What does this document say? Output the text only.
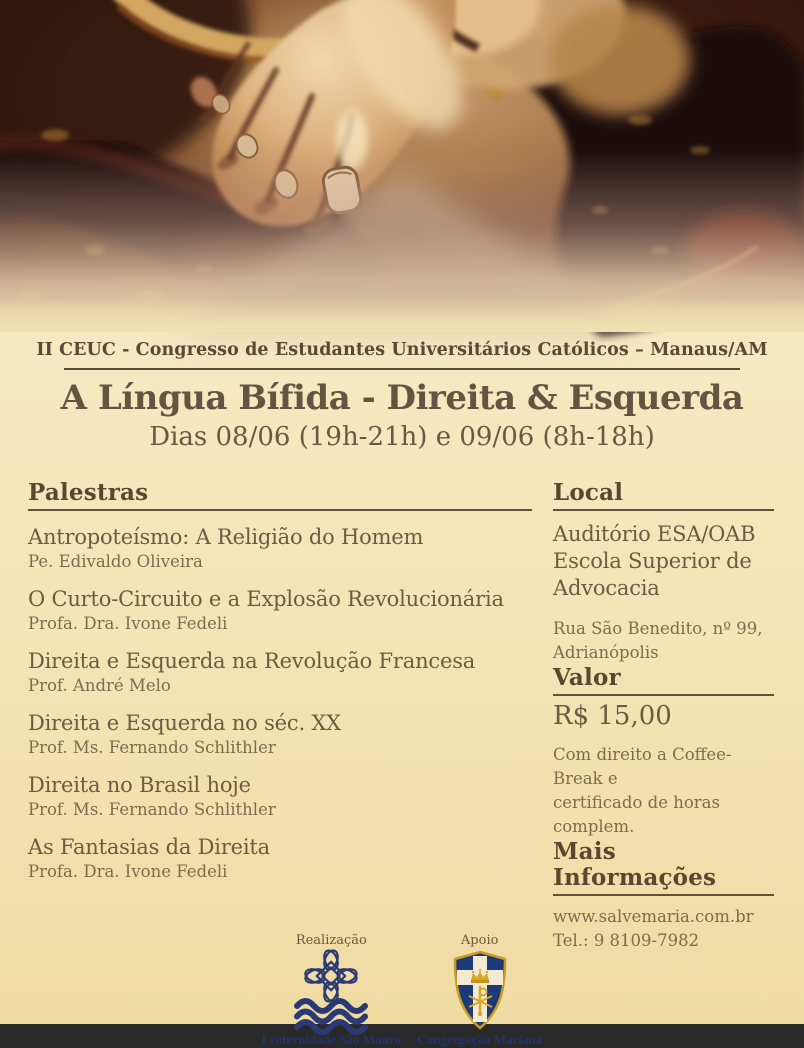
II CEUC - Congresso de Estudantes Universitários Católicos – Manaus/AM
A Língua Bífida - Direita & Esquerda
Dias 08/06 (19h-21h) e 09/06 (8h-18h)
Palestras
Antropoteísmo: A Religião do Homem
Pe. Edivaldo Oliveira
O Curto-Circuito e a Explosão Revolucionária
Profa. Dra. Ivone Fedeli
Direita e Esquerda na Revolução Francesa
Prof. André Melo
Direita e Esquerda no séc. XX
Prof. Ms. Fernando Schlithler
Direita no Brasil hoje
Prof. Ms. Fernando Schlithler
As Fantasias da Direita
Profa. Dra. Ivone Fedeli
Local
Auditório ESA/OAB
Escola Superior de
Advocacia
Rua São Benedito, nº 99,
Adrianópolis
Valor
R$ 15,00
Com direito a Coffee-Break e
certificado de horas complem.
Mais Informações
www.salvemaria.com.br
Tel.: 9 8109-7982
Realização
Fraternidade São Mauro
Apoio
Congregação Mariana
